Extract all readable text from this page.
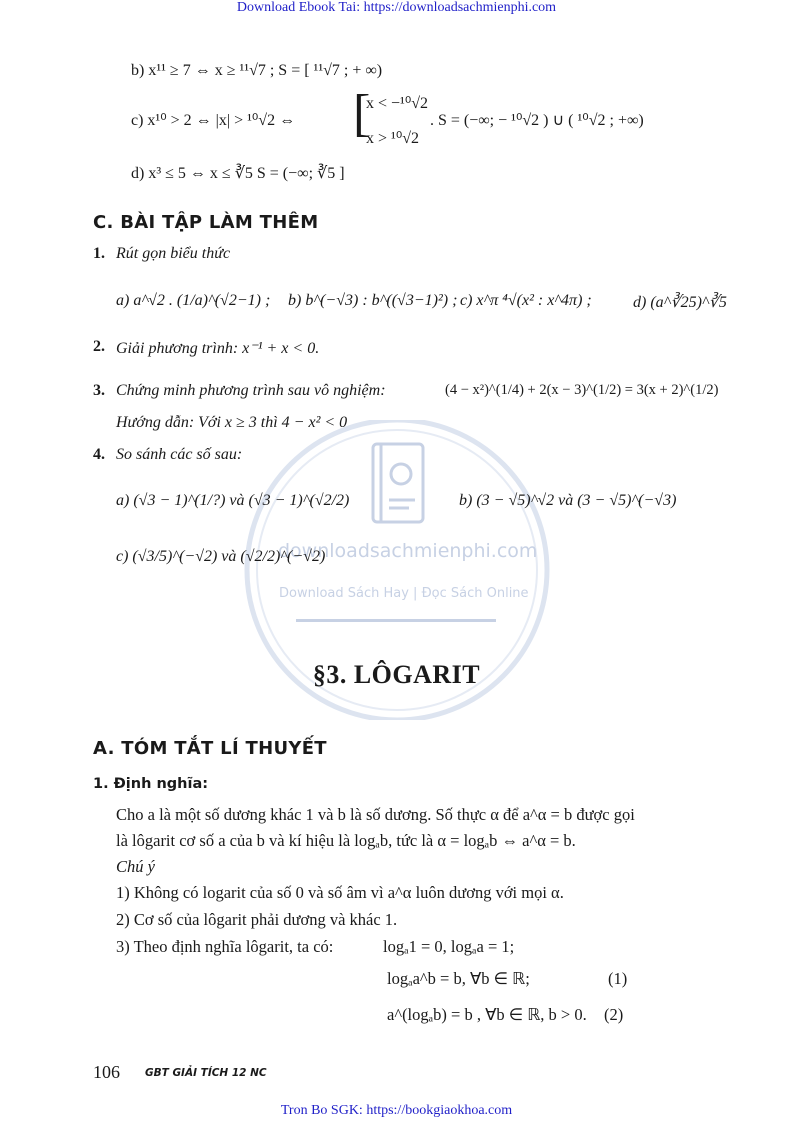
downloadsachmienphi.com
Download Sách Hay | Đọc Sách Online
Download Ebook Tai: https://downloadsachmienphi.com
b) x¹¹ ≥ 7 ⇔ x ≥ ¹¹√7 ; S = [ ¹¹√7 ; + ∞)
c) x¹⁰ > 2 ⇔ |x| > ¹⁰√2 ⇔ [
x < −¹⁰√2
x > ¹⁰√2
. S = (−∞; − ¹⁰√2 ) ∪ ( ¹⁰√2 ; +∞)
d) x³ ≤ 5 ⇔ x ≤ ∛5 S = (−∞; ∛5 ]
C. BÀI TẬP LÀM THÊM
1. Rút gọn biểu thức
a) a^√2 . (1/a)^(√2−1) ; b) b^(−√3) : b^((√3−1)²) ; c) x^π ⁴√(x² : x^4π) ;	d) (a^∛25)^∛5
2. Giải phương trình: x⁻¹ + x < 0.
3. Chứng minh phương trình sau vô nghiệm:	(4 − x²)^(1/4) + 2(x − 3)^(1/2) = 3(x + 2)^(1/2)
Hướng dẫn: Với x ≥ 3 thì 4 − x² < 0
4. So sánh các số sau:
a) (√3 − 1)^(1/?) và (√3 − 1)^(√2/2)	b) (3 − √5)^√2 và (3 − √5)^(−√3)
c) (√3/5)^(−√2) và (√2/2)^(−√2)
§3. LÔGARIT
A. TÓM TẮT LÍ THUYẾT
1. Định nghĩa:
Cho a là một số dương khác 1 và b là số dương. Số thực α để a^α = b được gọi
là lôgarit cơ số a của b và kí hiệu là logₐb, tức là α = logₐb ⇔ a^α = b.
Chú ý
1) Không có logarit của số 0 và số âm vì a^α luôn dương với mọi α.
2) Cơ số của lôgarit phải dương và khác 1.
3) Theo định nghĩa lôgarit, ta có:	logₐ1 = 0, logₐa = 1;
logₐa^b = b, ∀b ∈ ℝ;	(1)
a^(logₐb) = b , ∀b ∈ ℝ, b > 0. (2)
106 GBT GIẢI TÍCH 12 NC
Tron Bo SGK: https://bookgiaokhoa.com
